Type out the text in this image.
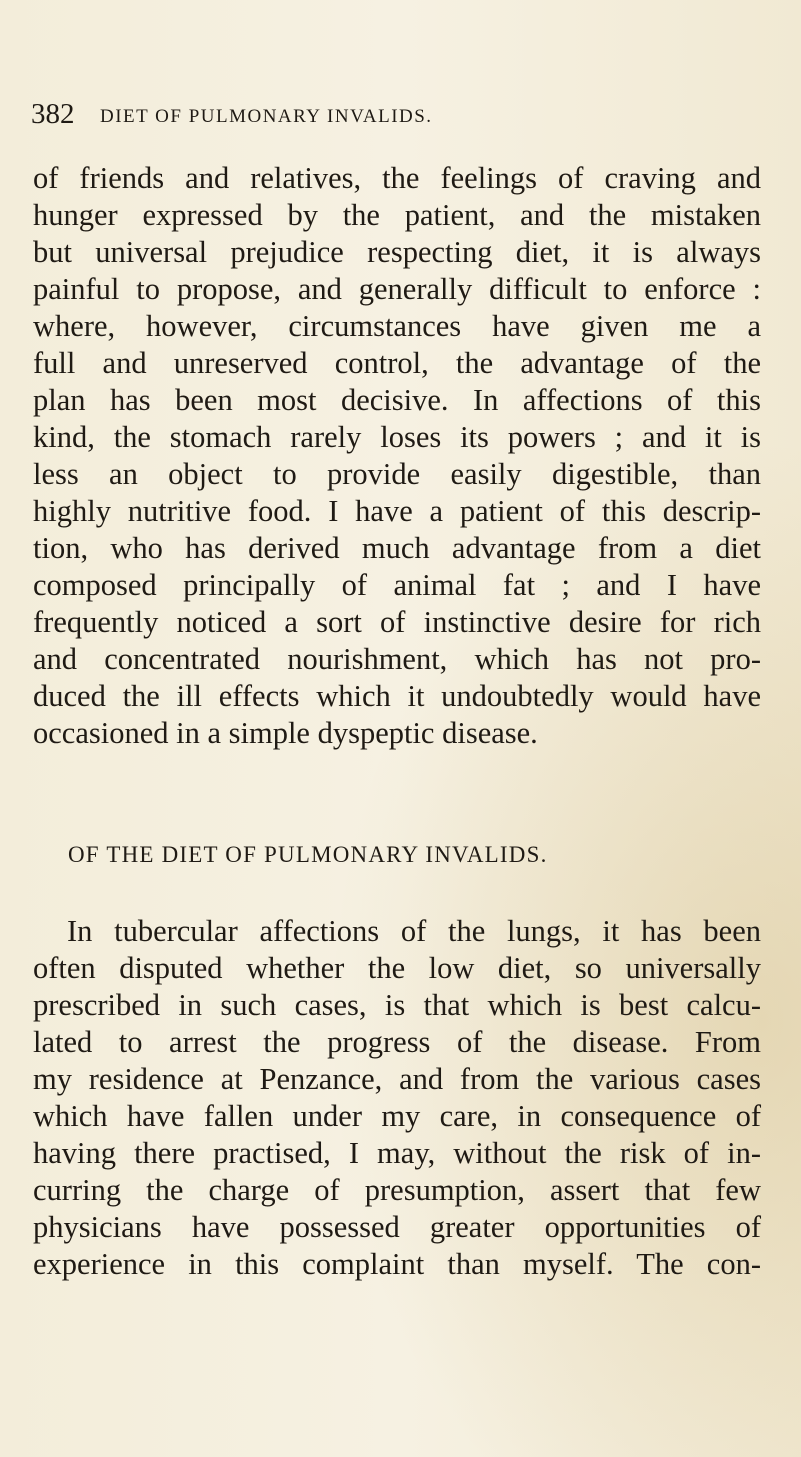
382 DIET OF PULMONARY INVALIDS.
of friends and relatives, the feelings of craving and
hunger expressed by the patient, and the mistaken
but universal prejudice respecting diet, it is always
painful to propose, and generally difficult to enforce :
where, however, circumstances have given me a
full and unreserved control, the advantage of the
plan has been most decisive. In affections of this
kind, the stomach rarely loses its powers ; and it is
less an object to provide easily digestible, than
highly nutritive food. I have a patient of this descrip-
tion, who has derived much advantage from a diet
composed principally of animal fat ; and I have
frequently noticed a sort of instinctive desire for rich
and concentrated nourishment, which has not pro-
duced the ill effects which it undoubtedly would have
occasioned in a simple dyspeptic disease.
OF THE DIET OF PULMONARY INVALIDS.
In tubercular affections of the lungs, it has been
often disputed whether the low diet, so universally
prescribed in such cases, is that which is best calcu-
lated to arrest the progress of the disease. From
my residence at Penzance, and from the various cases
which have fallen under my care, in consequence of
having there practised, I may, without the risk of in-
curring the charge of presumption, assert that few
physicians have possessed greater opportunities of
experience in this complaint than myself. The con-
